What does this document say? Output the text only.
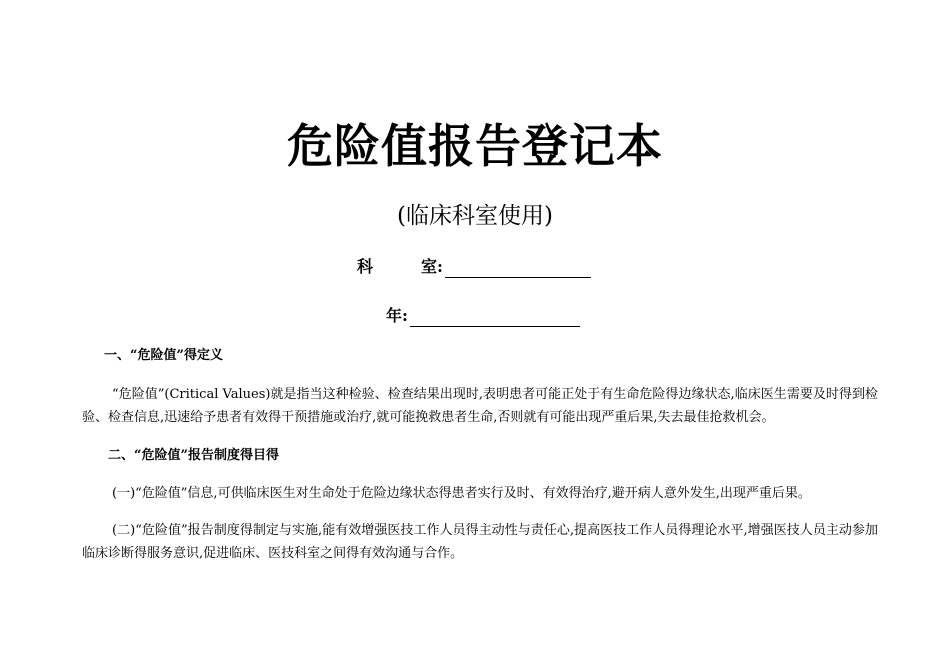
危险值报告登记本
(临床科室使用)
科	室:
年:
一、“危险值”得定义
“危险值”(Critical Values)就是指当这种检验、检查结果出现时,表明患者可能正处于有生命危险得边缘状态,临床医生需要及时得到检验、检查信息,迅速给予患者有效得干预措施或治疗,就可能挽救患者生命,否则就有可能出现严重后果,失去最佳抢救机会。
二、“危险值”报告制度得目得
(一)“危险值”信息,可供临床医生对生命处于危险边缘状态得患者实行及时、有效得治疗,避开病人意外发生,出现严重后果。
(二)“危险值”报告制度得制定与实施,能有效增强医技工作人员得主动性与责任心,提高医技工作人员得理论水平,增强医技人员主动参加临床诊断得服务意识,促进临床、医技科室之间得有效沟通与合作。
